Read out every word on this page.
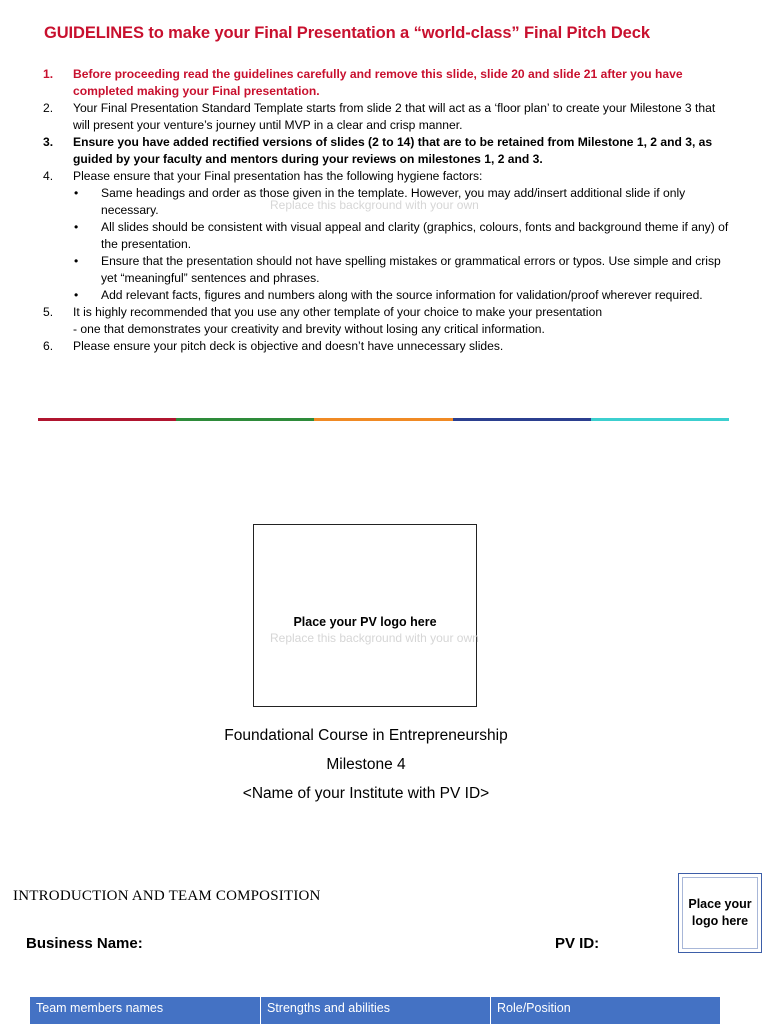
GUIDELINES to make your Final Presentation a “world-class” Final Pitch Deck
1.	Before proceeding read the guidelines carefully and remove this slide, slide 20 and slide 21 after you have completed making your Final presentation.
2.	Your Final Presentation Standard Template starts from slide 2 that will act as a ‘floor plan’ to create your Milestone 3 that will present your venture’s journey until MVP in a clear and crisp manner.
3.	Ensure you have added rectified versions of slides (2 to 14) that are to be retained from Milestone 1, 2 and 3, as guided by your faculty and mentors during your reviews on milestones 1, 2 and 3.
4.	Please ensure that your Final presentation has the following hygiene factors:
• Same headings and order as those given in the template. However, you may add/insert additional slide if only necessary.
• All slides should be consistent with visual appeal and clarity (graphics, colours, fonts and background theme if any) of the presentation.
• Ensure that the presentation should not have spelling mistakes or grammatical errors or typos. Use simple and crisp yet “meaningful” sentences and phrases.
• Add relevant facts, figures and numbers along with the source information for validation/proof wherever required.
5.	It is highly recommended that you use any other template of your choice to make your presentation
- one that demonstrates your creativity and brevity without losing any critical information.
6.	Please ensure your pitch deck is objective and doesn’t have unnecessary slides.
Replace this background with your own
Place your PV logo here
Replace this background with your own
Foundational Course in Entrepreneurship
Milestone 4
<Name of your Institute with PV ID>
INTRODUCTION AND TEAM COMPOSITION	Place your logo here
Business Name:	PV ID:
Team members names	Strengths and abilities	Role/Position
